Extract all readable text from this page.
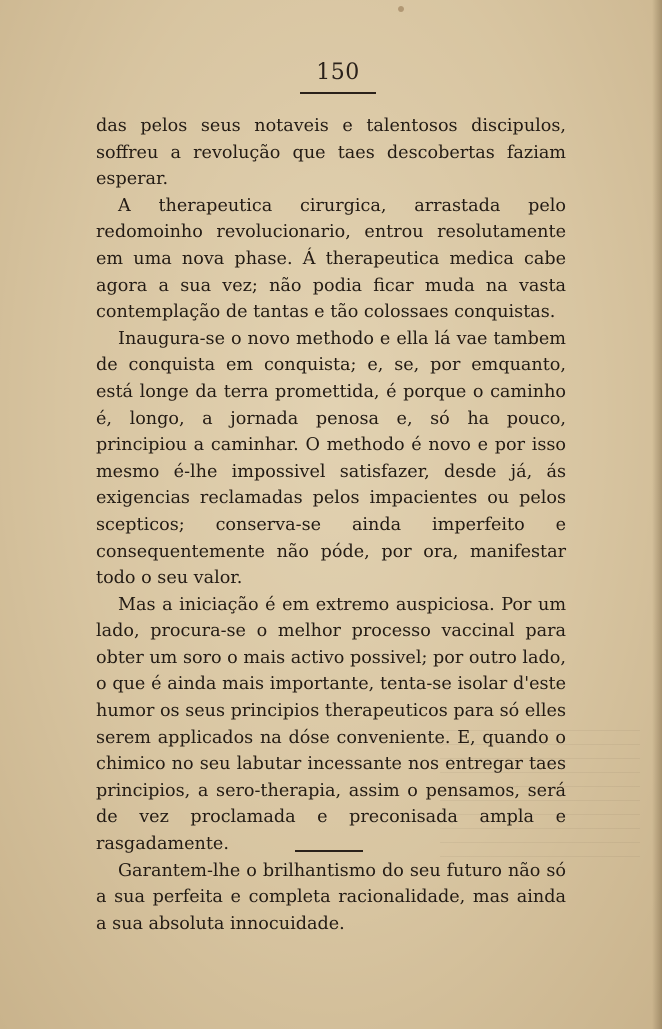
150

das pelos seus notaveis e talentosos discipulos, soffreu a revolução que taes descobertas faziam esperar.

A therapeutica cirurgica, arrastada pelo redomoinho revolucionario, entrou resolutamente em uma nova phase. Á therapeutica medica cabe agora a sua vez; não podia ficar muda na vasta contemplação de tantas e tão colossaes conquistas.

Inaugura-se o novo methodo e ella lá vae tambem de conquista em conquista; e, se, por emquanto, está longe da terra promettida, é porque o caminho é, longo, a jornada penosa e, só ha pouco, principiou a caminhar. O methodo é novo e por isso mesmo é-lhe impossivel satisfazer, desde já, ás exigencias reclamadas pelos impacientes ou pelos scepticos; conserva-se ainda imperfeito e consequentemente não póde, por ora, manifestar todo o seu valor.

Mas a iniciação é em extremo auspiciosa. Por um lado, procura-se o melhor processo vaccinal para obter um soro o mais activo possivel; por outro lado, o que é ainda mais importante, tenta-se isolar d'este humor os seus principios therapeuticos para só elles serem applicados na dóse conveniente. E, quando o chimico no seu labutar incessante nos entregar taes principios, a sero-therapia, assim o pensamos, será de vez proclamada e preconisada ampla e rasgadamente.

Garantem-lhe o brilhantismo do seu futuro não só a sua perfeita e completa racionalidade, mas ainda a sua absoluta innocuidade.
